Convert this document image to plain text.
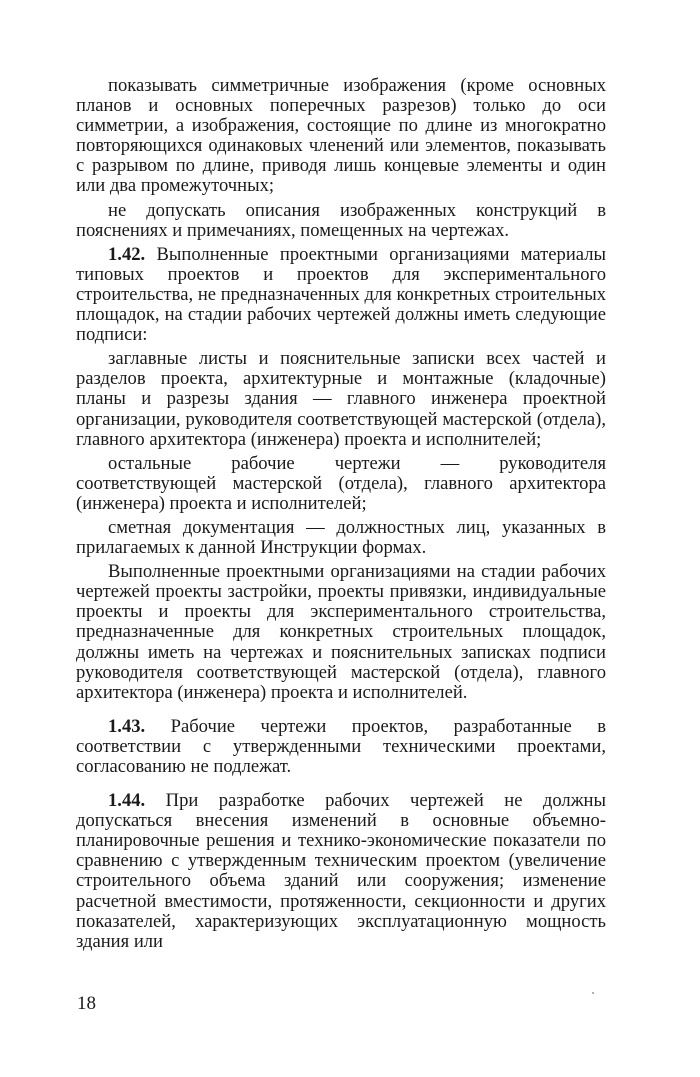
показывать симметричные изображения (кроме основных планов и основных поперечных разрезов) только до оси симметрии, а изображения, состоящие по длине из многократно повторяющихся одинаковых членений или элементов, показывать с разрывом по длине, приводя лишь концевые элементы и один или два промежуточных;

не допускать описания изображенных конструкций в пояснениях и примечаниях, помещенных на чертежах.

1.42. Выполненные проектными организациями материалы типовых проектов и проектов для экспериментального строительства, не предназначенных для конкретных строительных площадок, на стадии рабочих чертежей должны иметь следующие подписи:

заглавные листы и пояснительные записки всех частей и разделов проекта, архитектурные и монтажные (кладочные) планы и разрезы здания — главного инженера проектной организации, руководителя соответствующей мастерской (отдела), главного архитектора (инженера) проекта и исполнителей;

остальные рабочие чертежи — руководителя соответствующей мастерской (отдела), главного архитектора (инженера) проекта и исполнителей;

сметная документация — должностных лиц, указанных в прилагаемых к данной Инструкции формах.

Выполненные проектными организациями на стадии рабочих чертежей проекты застройки, проекты привязки, индивидуальные проекты и проекты для экспериментального строительства, предназначенные для конкретных строительных площадок, должны иметь на чертежах и пояснительных записках подписи руководителя соответствующей мастерской (отдела), главного архитектора (инженера) проекта и исполнителей.

1.43. Рабочие чертежи проектов, разработанные в соответствии с утвержденными техническими проектами, согласованию не подлежат.

1.44. При разработке рабочих чертежей не должны допускаться внесения изменений в основные объемно-планировочные решения и технико-экономические показатели по сравнению с утвержденным техническим проектом (увеличение строительного объема зданий или сооружения; изменение расчетной вместимости, протяженности, секционности и других показателей, характеризующих эксплуатационную мощность здания или

18
